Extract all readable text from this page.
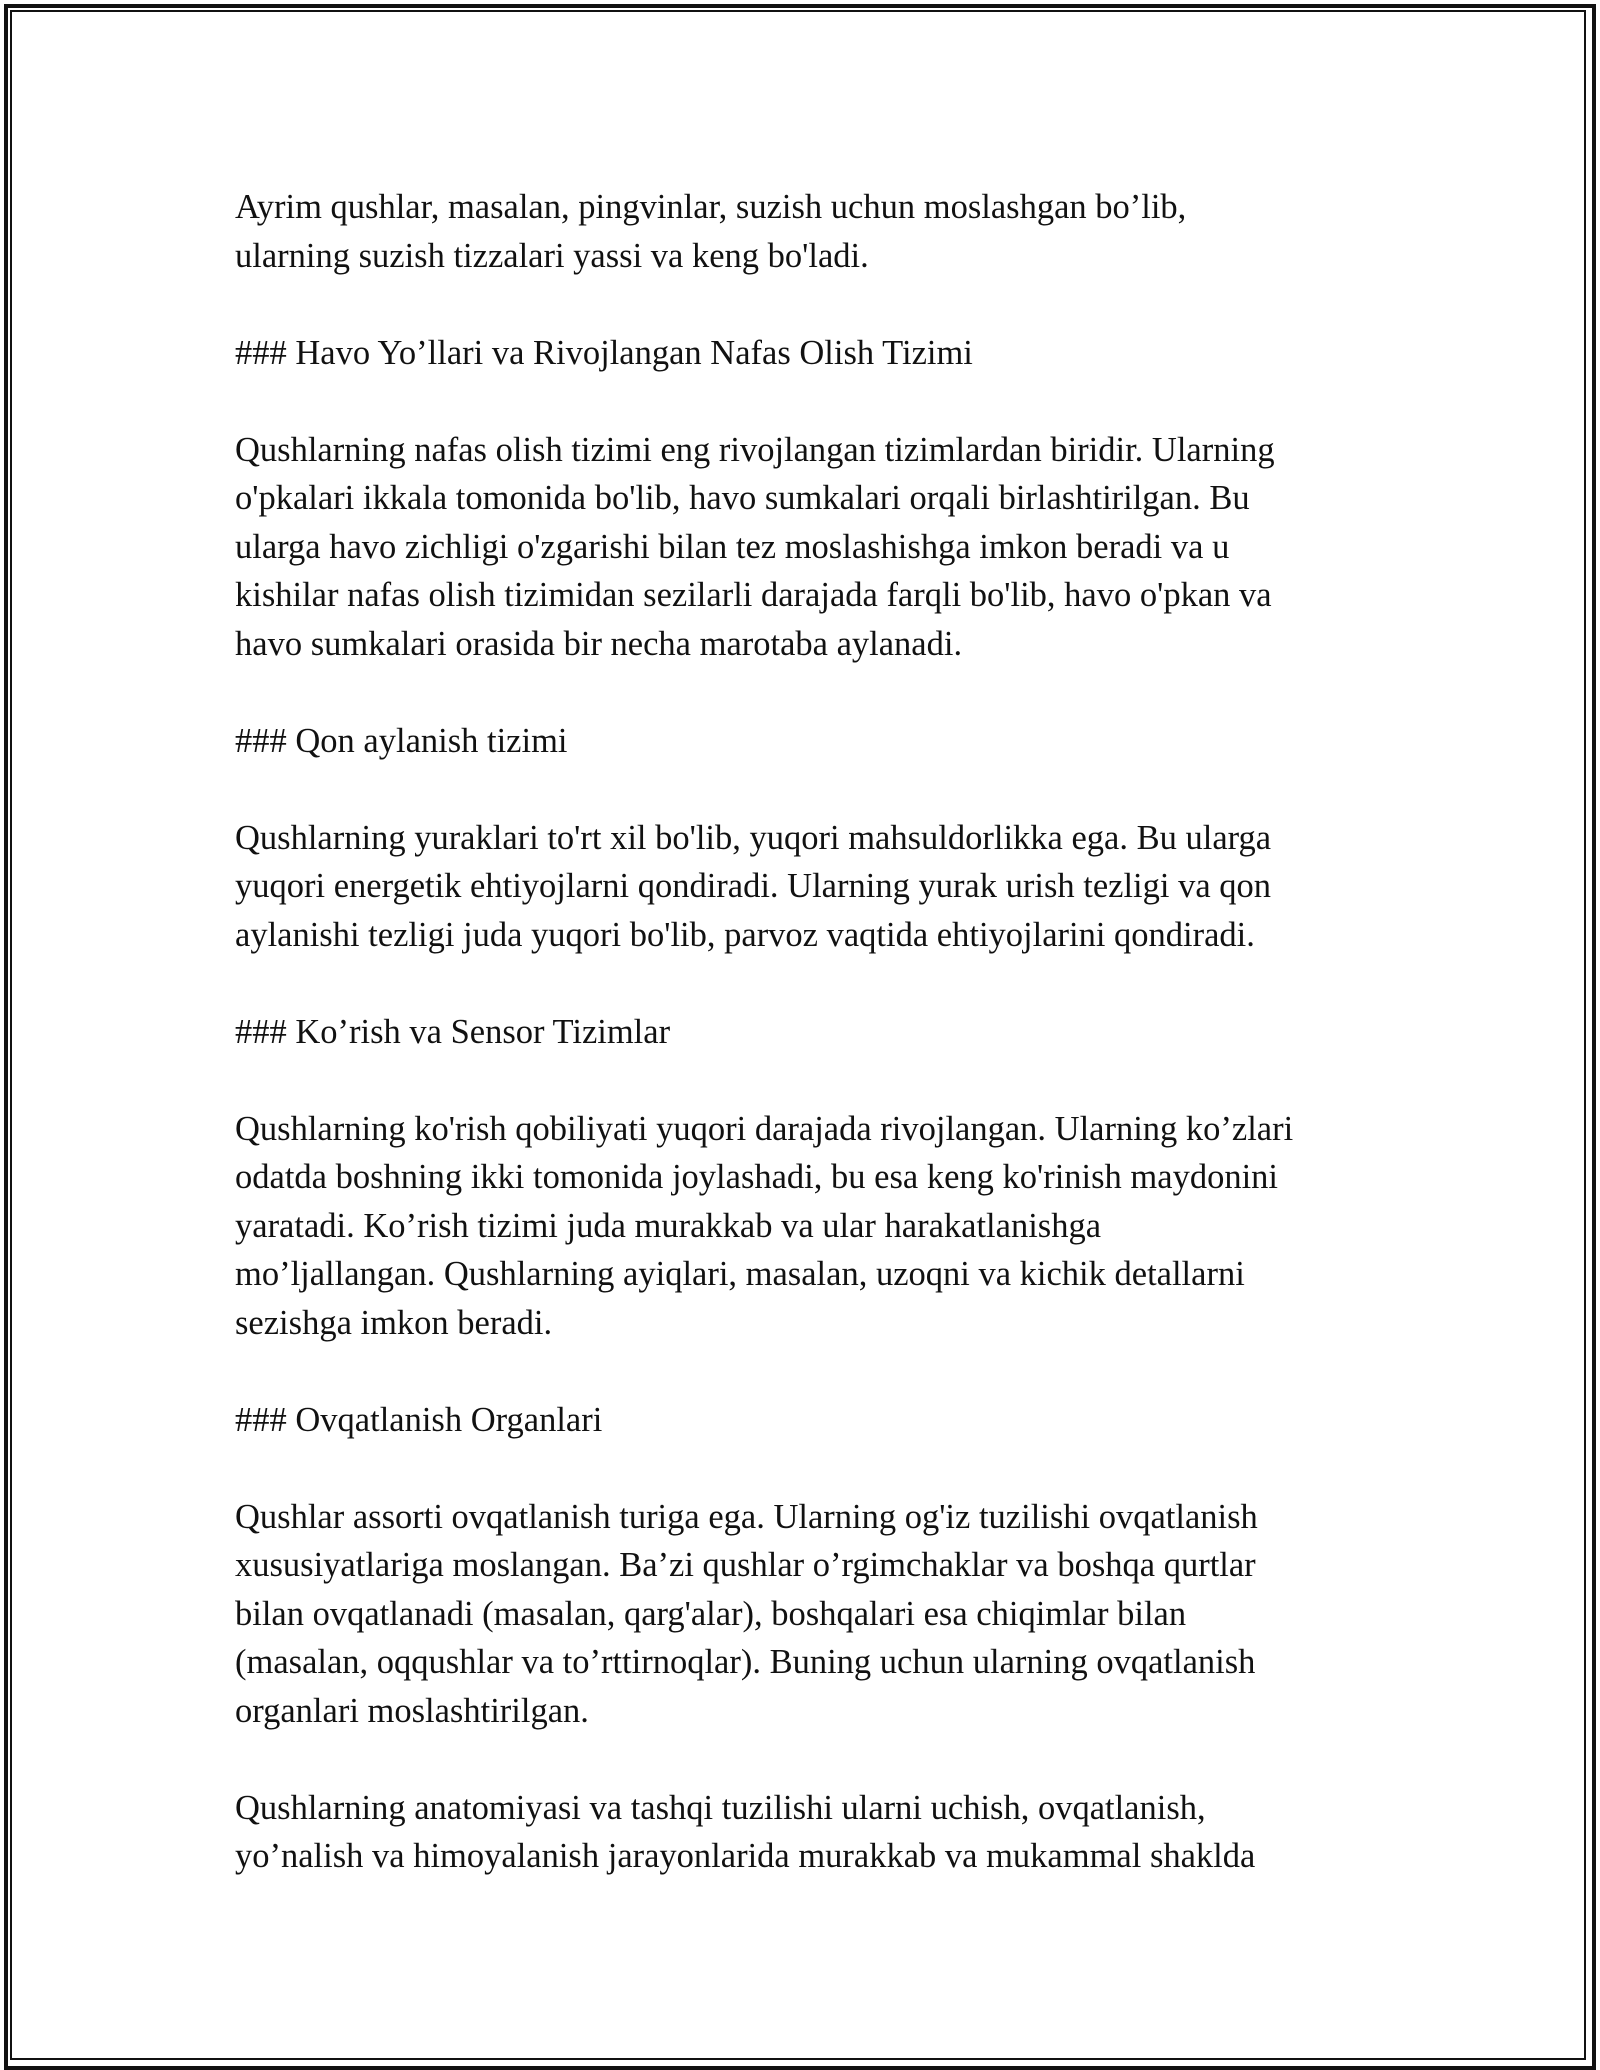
Ayrim qushlar, masalan, pingvinlar, suzish uchun moslashgan bo’lib,
ularning suzish tizzalari yassi va keng bo'ladi.
### Havo Yo’llari va Rivojlangan Nafas Olish Tizimi
Qushlarning nafas olish tizimi eng rivojlangan tizimlardan biridir. Ularning
o'pkalari ikkala tomonida bo'lib, havo sumkalari orqali birlashtirilgan. Bu
ularga havo zichligi o'zgarishi bilan tez moslashishga imkon beradi va u
kishilar nafas olish tizimidan sezilarli darajada farqli bo'lib, havo o'pkan va
havo sumkalari orasida bir necha marotaba aylanadi.
### Qon aylanish tizimi
Qushlarning yuraklari to'rt xil bo'lib, yuqori mahsuldorlikka ega. Bu ularga
yuqori energetik ehtiyojlarni qondiradi. Ularning yurak urish tezligi va qon
aylanishi tezligi juda yuqori bo'lib, parvoz vaqtida ehtiyojlarini qondiradi.
### Ko’rish va Sensor Tizimlar
Qushlarning ko'rish qobiliyati yuqori darajada rivojlangan. Ularning ko’zlari
odatda boshning ikki tomonida joylashadi, bu esa keng ko'rinish maydonini
yaratadi. Ko’rish tizimi juda murakkab va ular harakatlanishga
mo’ljallangan. Qushlarning ayiqlari, masalan, uzoqni va kichik detallarni
sezishga imkon beradi.
### Ovqatlanish Organlari
Qushlar assorti ovqatlanish turiga ega. Ularning og'iz tuzilishi ovqatlanish
xususiyatlariga moslangan. Ba’zi qushlar o’rgimchaklar va boshqa qurtlar
bilan ovqatlanadi (masalan, qarg'alar), boshqalari esa chiqimlar bilan
(masalan, oqqushlar va to’rttirnoqlar). Buning uchun ularning ovqatlanish
organlari moslashtirilgan.
Qushlarning anatomiyasi va tashqi tuzilishi ularni uchish, ovqatlanish,
yo’nalish va himoyalanish jarayonlarida murakkab va mukammal shaklda
